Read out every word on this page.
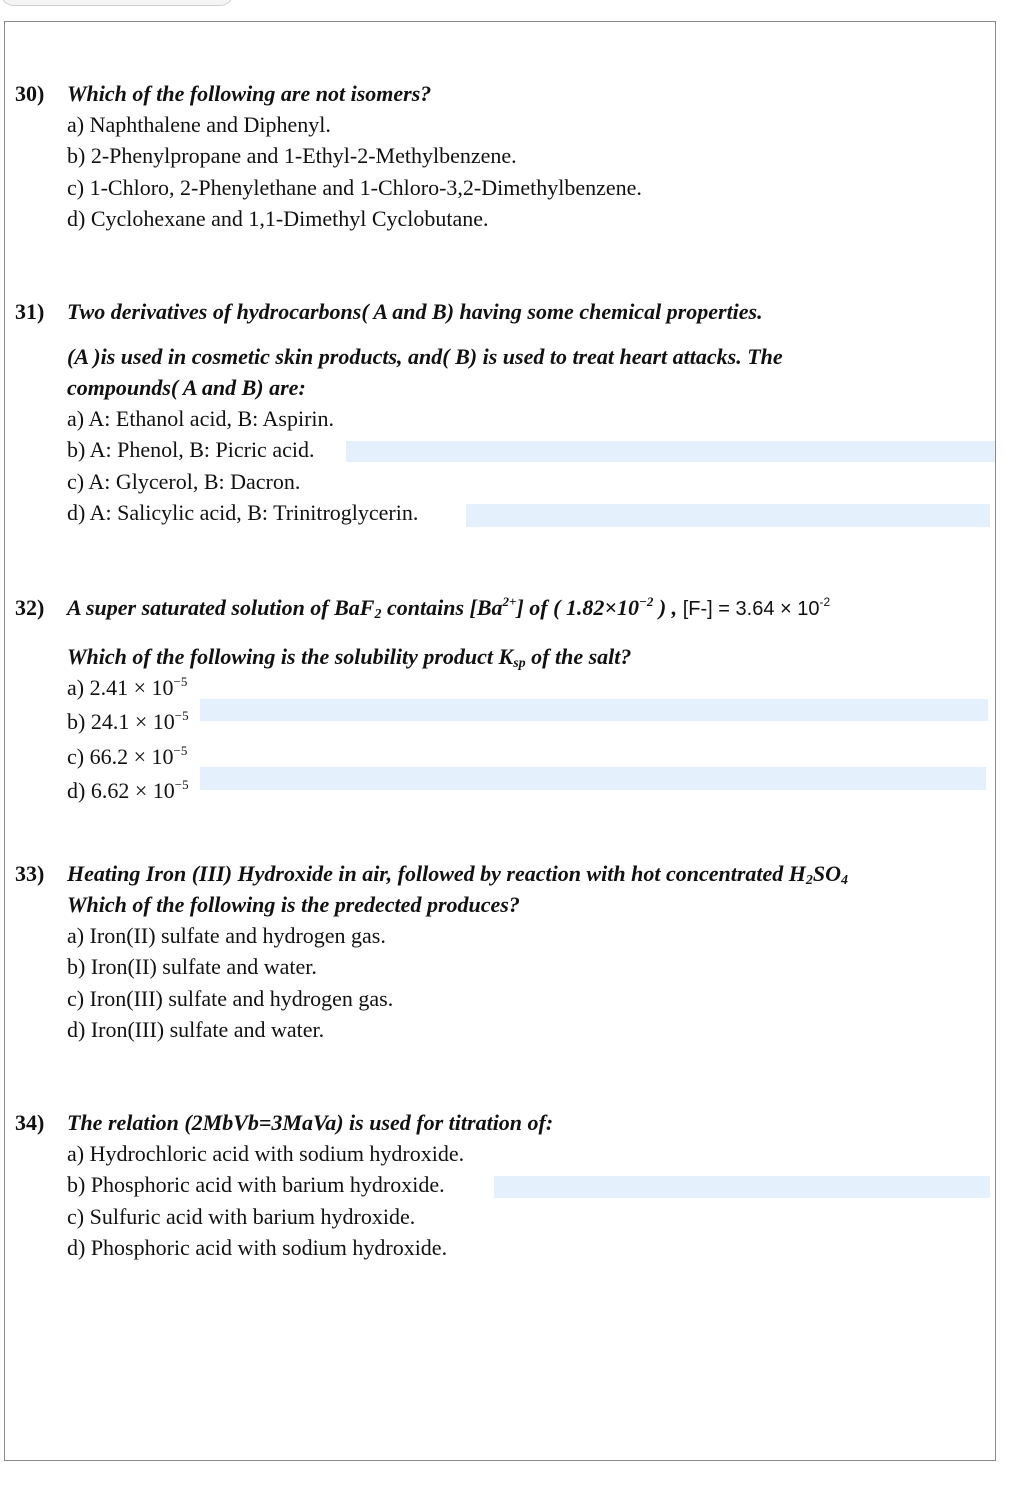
30) Which of the following are not isomers?
a) Naphthalene and Diphenyl.
b) 2-Phenylpropane and 1-Ethyl-2-Methylbenzene.
c) 1-Chloro, 2-Phenylethane and 1-Chloro-3,2-Dimethylbenzene.
d) Cyclohexane and 1,1-Dimethyl Cyclobutane.
31) Two derivatives of hydrocarbons( A and B) having some chemical properties.
(A )is used in cosmetic skin products, and( B) is used to treat heart attacks. The
compounds( A and B) are:
a) A: Ethanol acid, B: Aspirin.
b) A: Phenol, B: Picric acid.
c) A: Glycerol, B: Dacron.
d) A: Salicylic acid, B: Trinitroglycerin.
32) A super saturated solution of BaF$_2$ contains $[Ba^{2+}]$ of ( $1.82\times 10^{-2}$ ) , $[F-] = 3.64 \times 10^{-2}$
Which of the following is the solubility product $K_{sp}$ of the salt?
a) $2.41 \times 10^{-5}$
b) $24.1 \times 10^{-5}$
c) $66.2 \times 10^{-5}$
d) $6.62 \times 10^{-5}$
33) Heating Iron (III) Hydroxide in air, followed by reaction with hot concentrated $H_2SO_4$
Which of the following is the predected produces?
a) Iron(II) sulfate and hydrogen gas.
b) Iron(II) sulfate and water.
c) Iron(III) sulfate and hydrogen gas.
d) Iron(III) sulfate and water.
34) The relation (2MbVb=3MaVa) is used for titration of:
a) Hydrochloric acid with sodium hydroxide.
b) Phosphoric acid with barium hydroxide.
c) Sulfuric acid with barium hydroxide.
d) Phosphoric acid with sodium hydroxide.
